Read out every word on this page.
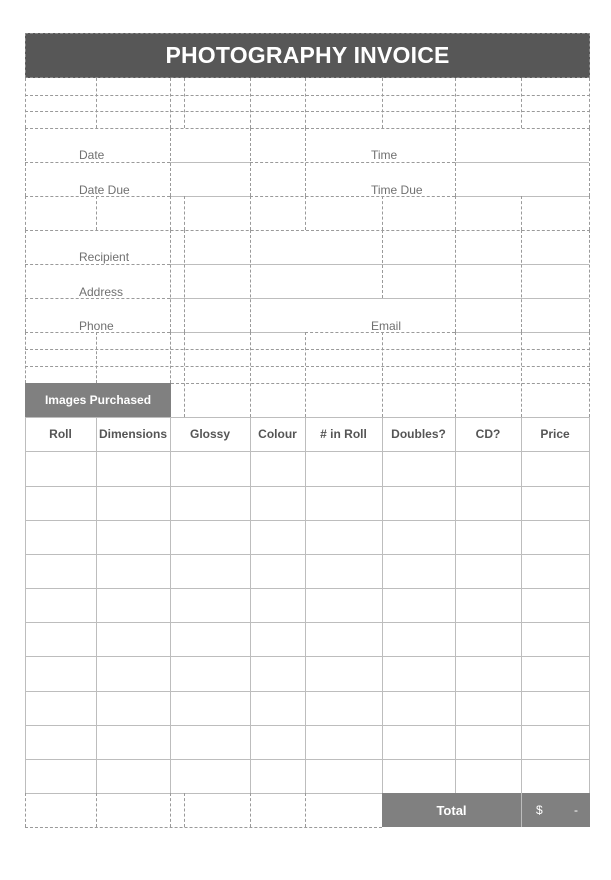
PHOTOGRAPHY INVOICE
Date	Time
Date Due	Time Due
Recipient
Address
Phone	Email
Images Purchased
Roll	Dimensions	Glossy	Colour	# in Roll	Doubles?	CD?	Price
Total	$	-
